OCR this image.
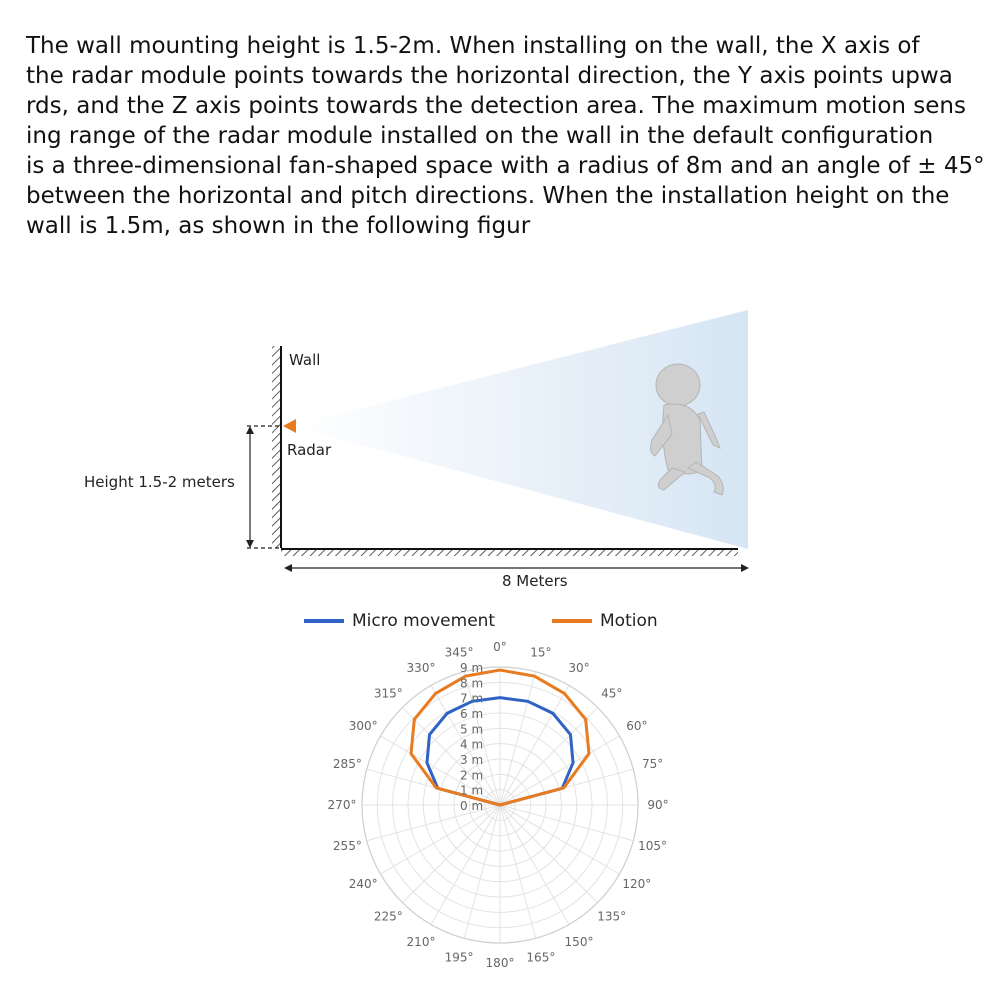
The wall mounting height is 1.5-2m. When installing on the wall, the X axis of
the radar module points towards the horizontal direction, the Y axis points upwa
rds, and the Z axis points towards the detection area. The maximum motion sens
ing range of the radar module installed on the wall in the default configuration
is a three-dimensional fan-shaped space with a radius of 8m and an angle of ± 45°
between the horizontal and pitch directions. When the installation height on the
wall is 1.5m, as shown in the following figur
Wall
Radar
Height 1.5-2 meters
8 Meters
Micro movement	Motion
0 m
1 m
2 m
3 m
4 m
5 m
6 m
7 m
8 m
9 m
0° 15°
30°
45°
60°
75°
90°
105°
120°
135°
150°
165°
180°
195°
210°
225°
240°
255°
270°
285°
300°
315°
330°
345°
